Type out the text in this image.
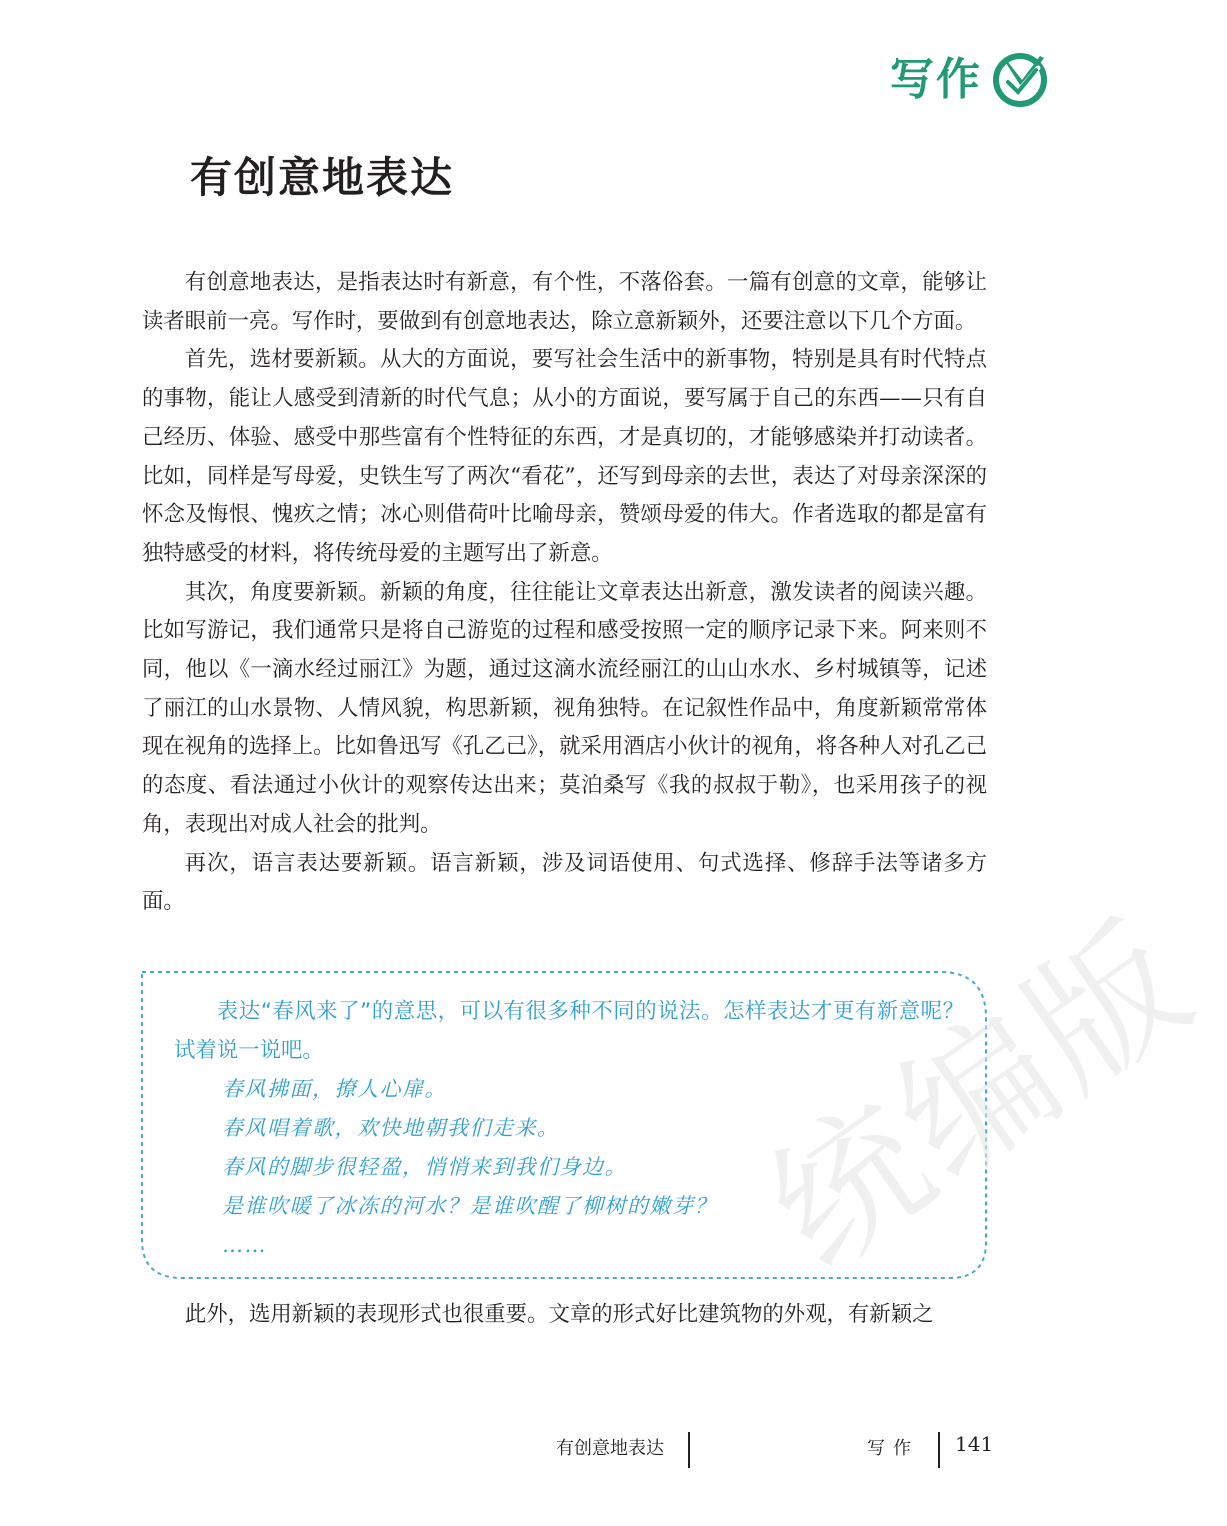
写作
有创意地表达

有创意地表达，是指表达时有新意，有个性，不落俗套。一篇有创意的文章，能够让读者眼前一亮。写作时，要做到有创意地表达，除立意新颖外，还要注意以下几个方面。

首先，选材要新颖。从大的方面说，要写社会生活中的新事物，特别是具有时代特点的事物，能让人感受到清新的时代气息；从小的方面说，要写属于自己的东西——只有自己经历、体验、感受中那些富有个性特征的东西，才是真切的，才能够感染并打动读者。比如，同样是写母爱，史铁生写了两次“看花”，还写到母亲的去世，表达了对母亲深深的怀念及悔恨、愧疚之情；冰心则借荷叶比喻母亲，赞颂母爱的伟大。作者选取的都是富有独特感受的材料，将传统母爱的主题写出了新意。

其次，角度要新颖。新颖的角度，往往能让文章表达出新意，激发读者的阅读兴趣。比如写游记，我们通常只是将自己游览的过程和感受按照一定的顺序记录下来。阿来则不同，他以《一滴水经过丽江》为题，通过这滴水流经丽江的山山水水、乡村城镇等，记述了丽江的山水景物、人情风貌，构思新颖，视角独特。在记叙性作品中，角度新颖常常体现在视角的选择上。比如鲁迅写《孔乙己》，就采用酒店小伙计的视角，将各种人对孔乙己的态度、看法通过小伙计的观察传达出来；莫泊桑写《我的叔叔于勒》，也采用孩子的视角，表现出对成人社会的批判。

再次，语言表达要新颖。语言新颖，涉及词语使用、句式选择、修辞手法等诸多方面。

表达“春风来了”的意思，可以有很多种不同的说法。怎样表达才更有新意呢？试着说一说吧。

春风拂面，撩人心扉。
春风唱着歌，欢快地朝我们走来。
春风的脚步很轻盈，悄悄来到我们身边。
是谁吹暖了冰冻的河水？是谁吹醒了柳树的嫩芽？
……

此外，选用新颖的表现形式也很重要。文章的形式好比建筑物的外观，有新颖之

统编版
有创意地表达	写作 141
